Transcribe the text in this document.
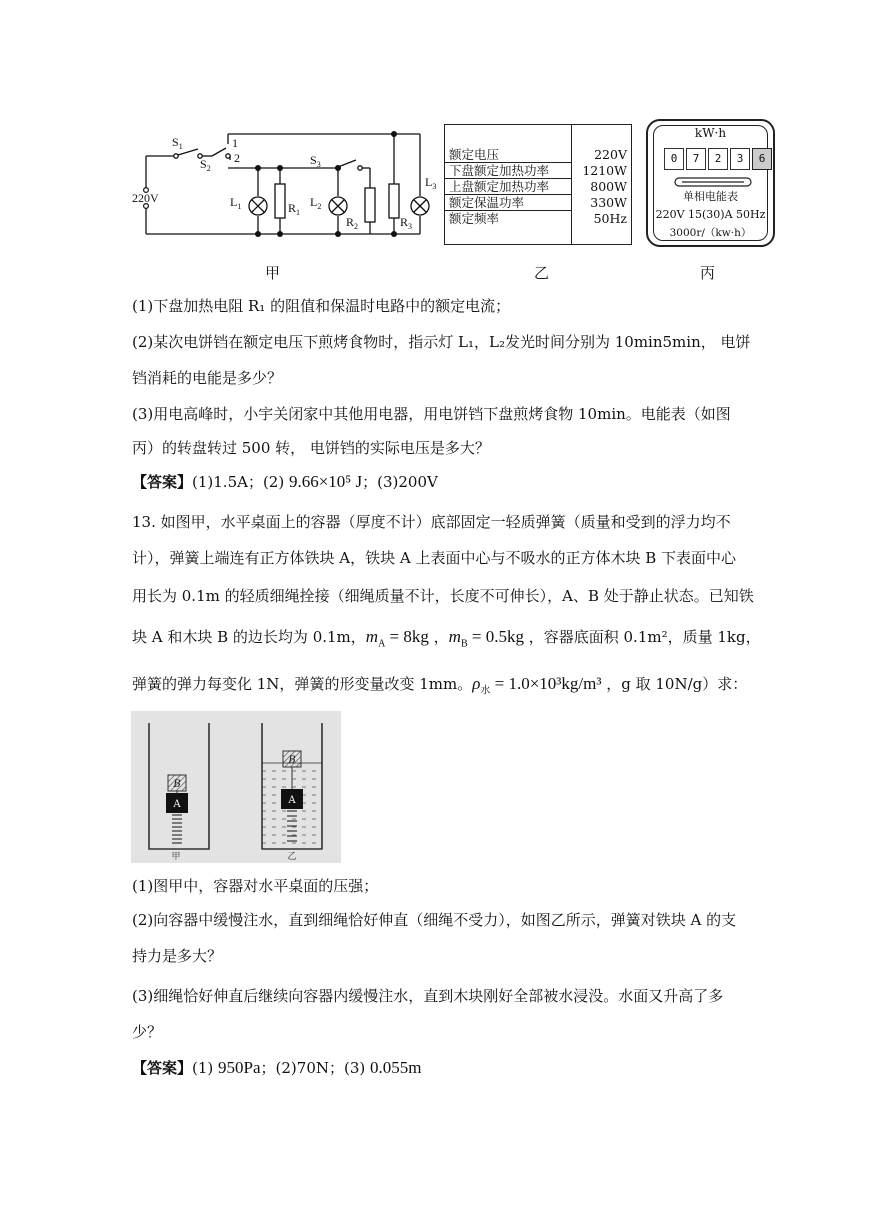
220V
$S_1$
$S_2$
1
2	$S_3$
$L_1$	$R_1$
$L_2$
$R_2$	$R_3$
$L_3$
甲
额定电压	220V
下盘额定加热功率	1210W
上盘额定加热功率	800W
额定保温功率	330W
额定频率	50Hz
乙
kW·h
0 7 2 3 6
单相电能表
220V 15(30)A 50Hz
3000r/（kw·h）
丙
(1)下盘加热电阻 R₁ 的阻值和保温时电路中的额定电流；
(2)某次电饼铛在额定电压下煎烤食物时，指示灯 L₁，L₂发光时间分别为 10min5min， 电饼
铛消耗的电能是多少？
(3)用电高峰时，小宇关闭家中其他用电器，用电饼铛下盘煎烤食物 10min。电能表（如图
丙）的转盘转过 500 转， 电饼铛的实际电压是多大？
【答案】(1)1.5A；(2) 9.66×10⁵ J；(3)200V
13. 如图甲，水平桌面上的容器（厚度不计）底部固定一轻质弹簧（质量和受到的浮力均不
计），弹簧上端连有正方体铁块 A，铁块 A 上表面中心与不吸水的正方体木块 B 下表面中心
用长为 0.1m 的轻质细绳拴接（细绳质量不计，长度不可伸长），A、B 处于静止状态。已知铁
块 A 和木块 B 的边长均为 0.1m，$m_A = 8kg$ ，$m_B = 0.5kg$ ，容器底面积 0.1m²，质量 1kg，
弹簧的弹力每变化 1N，弹簧的形变量改变 1mm。$\rho_水 = 1.0\times 10^3kg/m^3$ ，g 取 10N/g）求：
B
A
甲
B
A
乙
(1)图甲中，容器对水平桌面的压强；
(2)向容器中缓慢注水，直到细绳恰好伸直（细绳不受力），如图乙所示，弹簧对铁块 A 的支
持力是多大？
(3)细绳恰好伸直后继续向容器内缓慢注水，直到木块刚好全部被水浸没。水面又升高了多
少？
【答案】(1) 950Pa；(2)70N；(3) 0.055m
